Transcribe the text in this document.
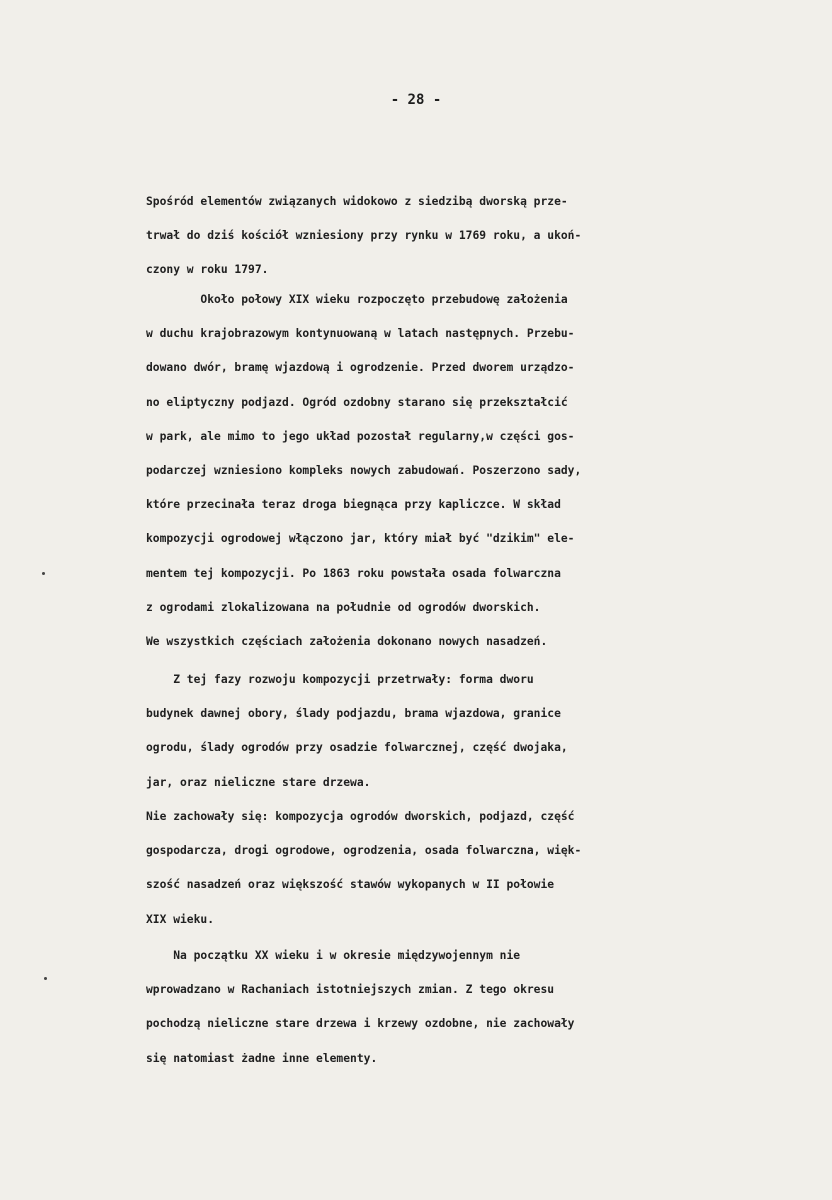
- 28 -
Spośród elementów związanych widokowo z siedzibą dworską prze-
trwał do dziś kościół wzniesiony przy rynku w 1769 roku, a ukoń-
czony w roku 1797.
Około połowy XIX wieku rozpoczęto przebudowę założenia
w duchu krajobrazowym kontynuowaną w latach następnych. Przebu-
dowano dwór, bramę wjazdową i ogrodzenie. Przed dworem urządzo-
no eliptyczny podjazd. Ogród ozdobny starano się przekształcić
w park, ale mimo to jego układ pozostał regularny,w części gos-
podarczej wzniesiono kompleks nowych zabudowań. Poszerzono sady,
które przecinała teraz droga biegnąca przy kapliczce. W skład
kompozycji ogrodowej włączono jar, który miał być "dzikim" ele-
mentem tej kompozycji. Po 1863 roku powstała osada folwarczna
z ogrodami zlokalizowana na południe od ogrodów dworskich.
We wszystkich częściach założenia dokonano nowych nasadzeń.
Z tej fazy rozwoju kompozycji przetrwały: forma dworu
budynek dawnej obory, ślady podjazdu, brama wjazdowa, granice
ogrodu, ślady ogrodów przy osadzie folwarcznej, część dwojaka,
jar, oraz nieliczne stare drzewa.
Nie zachowały się: kompozycja ogrodów dworskich, podjazd, część
gospodarcza, drogi ogrodowe, ogrodzenia, osada folwarczna, więk-
szość nasadzeń oraz większość stawów wykopanych w II połowie
XIX wieku.
Na początku XX wieku i w okresie międzywojennym nie
wprowadzano w Rachaniach istotniejszych zmian. Z tego okresu
pochodzą nieliczne stare drzewa i krzewy ozdobne, nie zachowały
się natomiast żadne inne elementy.
